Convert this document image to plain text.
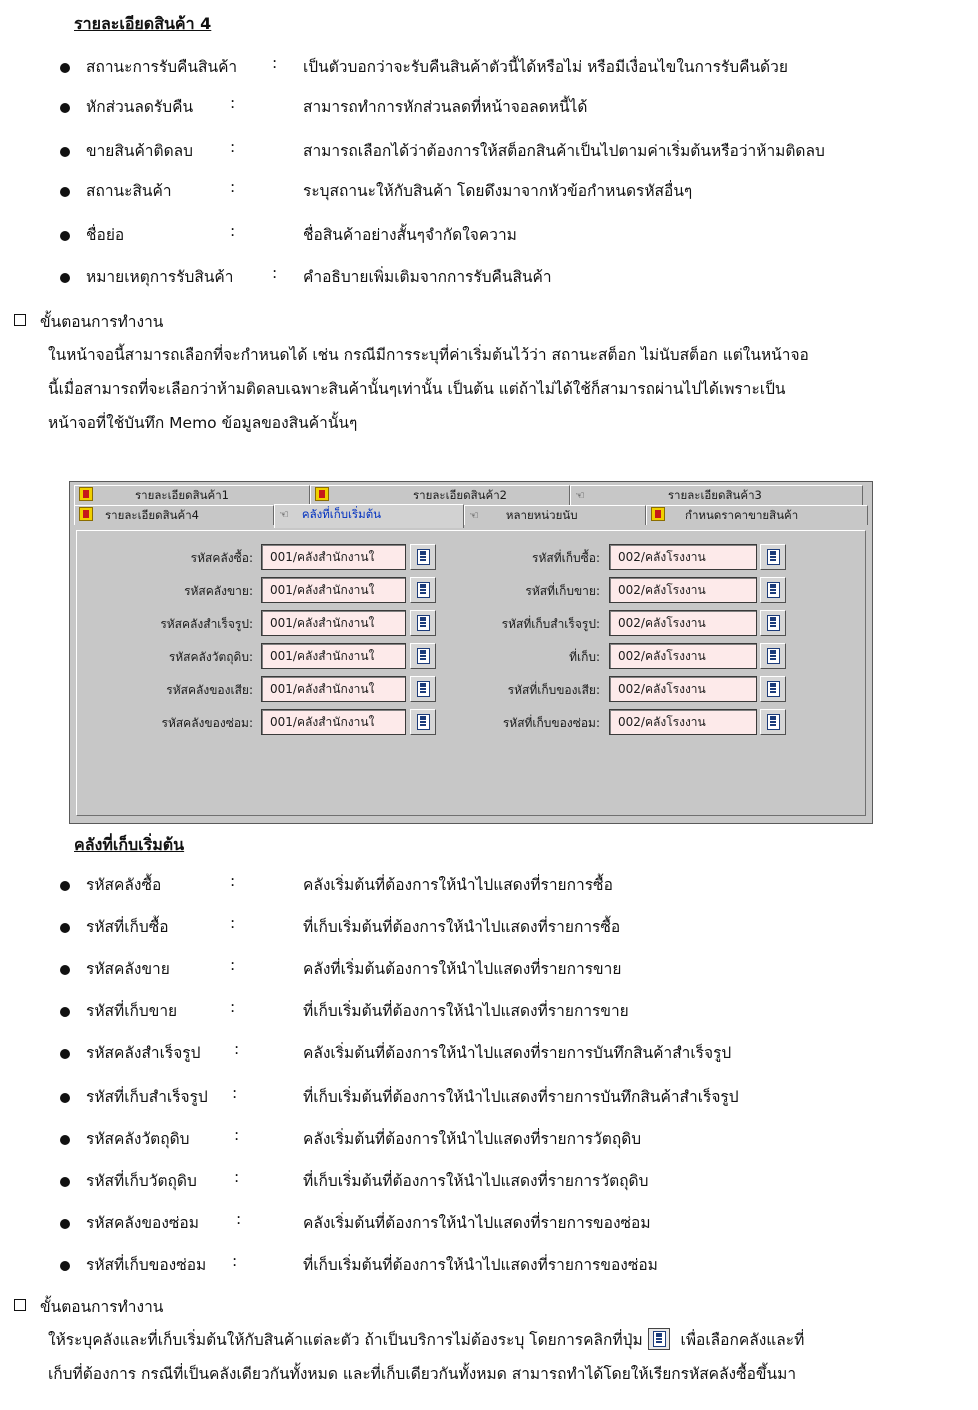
รายละเอียดสินค้า 4
สถานะการรับคืนสินค้า : เป็นตัวบอกว่าจะรับคืนสินค้าตัวนี้ได้หรือไม่ หรือมีเงื่อนไขในการรับคืนด้วย
หักส่วนลดรับคืน :	สามารถทำการหักส่วนลดที่หน้าจอลดหนี้ได้
ขายสินค้าติดลบ :	สามารถเลือกได้ว่าต้องการให้สต็อกสินค้าเป็นไปตามค่าเริ่มต้นหรือว่าห้ามติดลบ
สถานะสินค้า	:	ระบุสถานะให้กับสินค้า โดยดึงมาจากหัวข้อกำหนดรหัสอื่นๆ
ชื่อย่อ	:	ชื่อสินค้าอย่างสั้นๆจำกัดใจความ
หมายเหตุการรับสินค้า : คำอธิบายเพิ่มเติมจากการรับคืนสินค้า
ขั้นตอนการทำงาน
ในหน้าจอนี้สามารถเลือกที่จะกำหนดได้ เช่น กรณีมีการระบุที่ค่าเริ่มต้นไว้ว่า สถานะสต็อก ไม่นับสต็อก แต่ในหน้าจอ
นี้เมื่อสามารถที่จะเลือกว่าห้ามติดลบเฉพาะสินค้านั้นๆเท่านั้น เป็นต้น แต่ถ้าไม่ได้ใช้ก็สามารถผ่านไปได้เพราะเป็น
หน้าจอที่ใช้บันทึก Memo ข้อมูลของสินค้านั้นๆ
รายละเอียดสินค้า1	รายละเอียดสินค้า2	☜	รายละเอียดสินค้า3
รายละเอียดสินค้า4	☜ คลังที่เก็บเริ่มต้น	☜ หลายหน่วยนับ	กำหนดราคาขายสินค้า
รหัสคลังซื้อ:	001/คลังสำนักงานใ	รหัสที่เก็บซื้อ:	002/คลังโรงงาน
รหัสคลังขาย:	001/คลังสำนักงานใ	รหัสที่เก็บขาย:	002/คลังโรงงาน
รหัสคลังสำเร็จรูป:	001/คลังสำนักงานใ	รหัสที่เก็บสำเร็จรูป:	002/คลังโรงงาน
รหัสคลังวัตถุดิบ:	001/คลังสำนักงานใ	ที่เก็บ:	002/คลังโรงงาน
รหัสคลังของเสีย:	001/คลังสำนักงานใ	รหัสที่เก็บของเสีย:	002/คลังโรงงาน
รหัสคลังของซ่อม:	001/คลังสำนักงานใ	รหัสที่เก็บของซ่อม:	002/คลังโรงงาน
คลังที่เก็บเริ่มต้น
รหัสคลังซื้อ	:	คลังเริ่มต้นที่ต้องการให้นำไปแสดงที่รายการซื้อ
รหัสที่เก็บซื้อ	:	ที่เก็บเริ่มต้นที่ต้องการให้นำไปแสดงที่รายการซื้อ
รหัสคลังขาย	:	คลังที่เริ่มต้นต้องการให้นำไปแสดงที่รายการขาย
รหัสที่เก็บขาย	:	ที่เก็บเริ่มต้นที่ต้องการให้นำไปแสดงที่รายการขาย
รหัสคลังสำเร็จรูป :	คลังเริ่มต้นที่ต้องการให้นำไปแสดงที่รายการบันทึกสินค้าสำเร็จรูป
รหัสที่เก็บสำเร็จรูป :	ที่เก็บเริ่มต้นที่ต้องการให้นำไปแสดงที่รายการบันทึกสินค้าสำเร็จรูป
รหัสคลังวัตถุดิบ	:	คลังเริ่มต้นที่ต้องการให้นำไปแสดงที่รายการวัตถุดิบ
รหัสที่เก็บวัตถุดิบ :	ที่เก็บเริ่มต้นที่ต้องการให้นำไปแสดงที่รายการวัตถุดิบ
รหัสคลังของซ่อม :	คลังเริ่มต้นที่ต้องการให้นำไปแสดงที่รายการของซ่อม
รหัสที่เก็บของซ่อม :	ที่เก็บเริ่มต้นที่ต้องการให้นำไปแสดงที่รายการของซ่อม
ขั้นตอนการทำงาน
ให้ระบุคลังและที่เก็บเริ่มต้นให้กับสินค้าแต่ละตัว ถ้าเป็นบริการไม่ต้องระบุ โดยการคลิกที่ปุ่ม เพื่อเลือกคลังและที่
เก็บที่ต้องการ กรณีที่เป็นคลังเดียวกันทั้งหมด และที่เก็บเดียวกันทั้งหมด สามารถทำได้โดยให้เรียกรหัสคลังซื้อขึ้นมา
